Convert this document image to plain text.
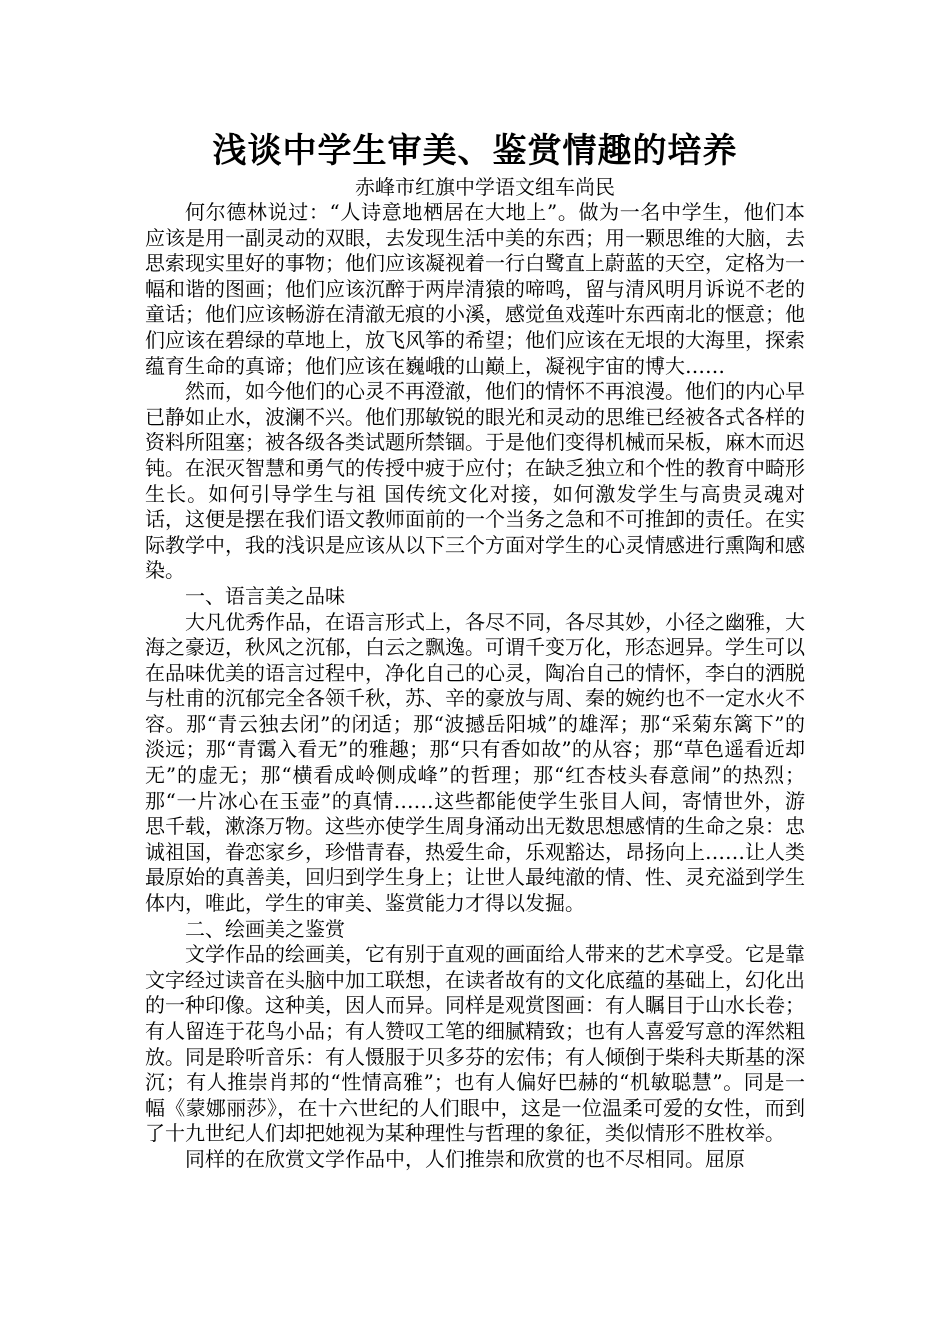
浅谈中学生审美、鉴赏情趣的培养

赤峰市红旗中学语文组车尚民

何尔德林说过：“人诗意地栖居在大地上”。做为一名中学生，他们本应该是用一副灵动的双眼，去发现生活中美的东西；用一颗思维的大脑，去思索现实里好的事物；他们应该凝视着一行白鹭直上蔚蓝的天空，定格为一幅和谐的图画；他们应该沉醉于两岸清猿的啼鸣，留与清风明月诉说不老的童话；他们应该畅游在清澈无痕的小溪，感觉鱼戏莲叶东西南北的惬意；他们应该在碧绿的草地上，放飞风筝的希望；他们应该在无垠的大海里，探索蕴育生命的真谛；他们应该在巍峨的山巅上，凝视宇宙的博大……

然而，如今他们的心灵不再澄澈，他们的情怀不再浪漫。他们的内心早已静如止水，波澜不兴。他们那敏锐的眼光和灵动的思维已经被各式各样的资料所阻塞；被各级各类试题所禁锢。于是他们变得机械而呆板，麻木而迟钝。在泯灭智慧和勇气的传授中疲于应付；在缺乏独立和个性的教育中畸形生长。如何引导学生与祖 国传统文化对接，如何激发学生与高贵灵魂对话，这便是摆在我们语文教师面前的一个当务之急和不可推卸的责任。在实际教学中，我的浅识是应该从以下三个方面对学生的心灵情感进行熏陶和感染。

一、语言美之品味

大凡优秀作品，在语言形式上，各尽不同，各尽其妙，小径之幽雅，大海之豪迈，秋风之沉郁，白云之飘逸。可谓千变万化，形态迥异。学生可以在品味优美的语言过程中，净化自己的心灵，陶冶自己的情怀，李白的洒脱与杜甫的沉郁完全各领千秋，苏、辛的豪放与周、秦的婉约也不一定水火不容。那“青云独去闭”的闭适；那“波撼岳阳城”的雄浑；那“采菊东篱下”的淡远；那“青霭入看无”的雅趣；那“只有香如故”的从容；那“草色遥看近却无”的虚无；那“横看成岭侧成峰”的哲理；那“红杏枝头春意闹”的热烈；那“一片冰心在玉壶”的真情……这些都能使学生张目人间，寄情世外，游思千载，漱涤万物。这些亦使学生周身涌动出无数思想感情的生命之泉：忠诚祖国，眷恋家乡，珍惜青春，热爱生命，乐观豁达，昂扬向上……让人类最原始的真善美，回归到学生身上；让世人最纯澈的情、性、灵充溢到学生体内，唯此，学生的审美、鉴赏能力才得以发掘。

二、绘画美之鉴赏

文学作品的绘画美，它有别于直观的画面给人带来的艺术享受。它是靠文字经过读音在头脑中加工联想，在读者故有的文化底蕴的基础上，幻化出的一种印像。这种美，因人而异。同样是观赏图画：有人瞩目于山水长卷；有人留连于花鸟小品；有人赞叹工笔的细腻精致；也有人喜爱写意的浑然粗放。同是聆听音乐：有人慑服于贝多芬的宏伟；有人倾倒于柴科夫斯基的深沉；有人推崇肖邦的“性情高雅”；也有人偏好巴赫的“机敏聪慧”。同是一幅《蒙娜丽莎》，在十六世纪的人们眼中，这是一位温柔可爱的女性，而到了十九世纪人们却把她视为某种理性与哲理的象征，类似情形不胜枚举。

同样的在欣赏文学作品中，人们推崇和欣赏的也不尽相同。屈原
